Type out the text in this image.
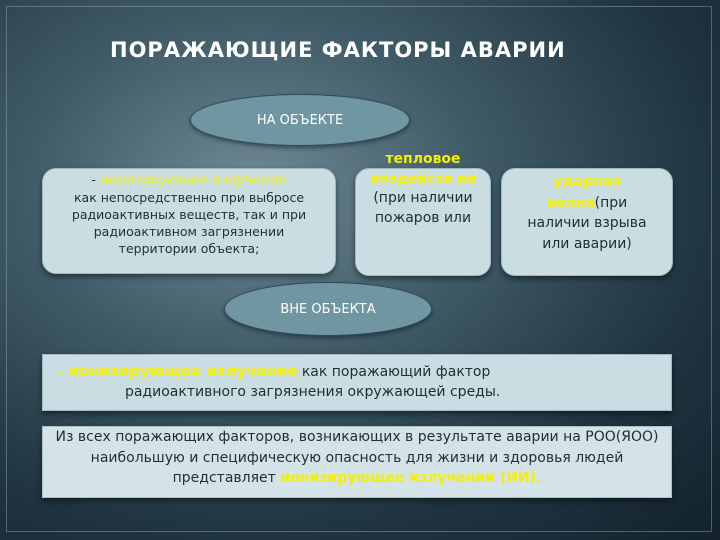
ПОРАЖАЮЩИЕ ФАКТОРЫ АВАРИИ
НА ОБЪЕКТЕ
- ионизирующее излучение
как непосредственно при выбросе радиоактивных веществ, так и при радиоактивном загрязнении территории объекта;
тепловое воздейств ие (при наличии пожаров или
ударная волна(при наличии взрыва или аварии)
ВНЕ ОБЪЕКТА
- ионизирующее излучение как поражающий фактор
радиоактивного загрязнения окружающей среды.
Из всех поражающих факторов, возникающих в результате аварии на РОО(ЯОО) наибольшую и специфическую опасность для жизни и здоровья людей представляет ионизирующее излучении (ИИ).
